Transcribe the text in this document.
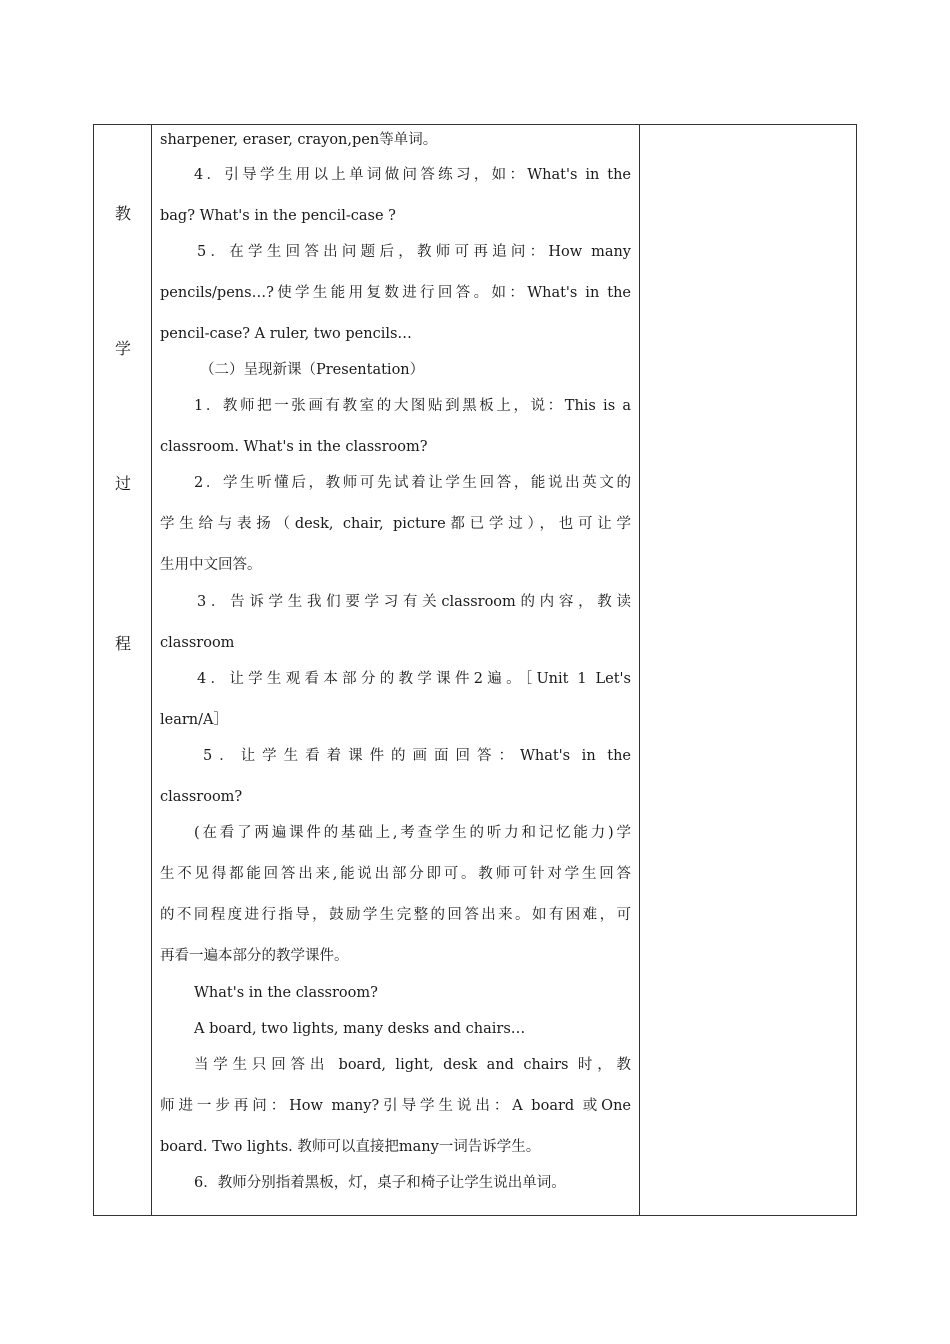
教
学
过
程
sharpener, eraser, crayon,pen等单词。
4．引导学生用以上单词做问答练习，如：What's in the
bag? What's in the pencil-case ?
5．在学生回答出问题后，教师可再追问：How many
pencils/pens…?使学生能用复数进行回答。如：What's in the
pencil-case? A ruler, two pencils…
（二）呈现新课（Presentation）
1．教师把一张画有教室的大图贴到黑板上，说：This is a
classroom. What's in the classroom?
2．学生听懂后，教师可先试着让学生回答，能说出英文的
学生给与表扬（desk, chair, picture都已学过），也可让学
生用中文回答。
3．告诉学生我们要学习有关classroom的内容，教读
classroom
4．让学生观看本部分的教学课件2遍。［Unit 1 Let's
learn/A］
5．让学生看着课件的画面回答：What's in the
classroom?
(在看了两遍课件的基础上,考查学生的听力和记忆能力)学
生不见得都能回答出来,能说出部分即可。教师可针对学生回答
的不同程度进行指导，鼓励学生完整的回答出来。如有困难，可
再看一遍本部分的教学课件。
What's in the classroom?
A board, two lights, many desks and chairs…
当学生只回答出 board, light, desk and chairs 时，教
师进一步再问：How many?引导学生说出：A board 或One
board. Two lights. 教师可以直接把many一词告诉学生。
6．教师分别指着黑板，灯，桌子和椅子让学生说出单词。
